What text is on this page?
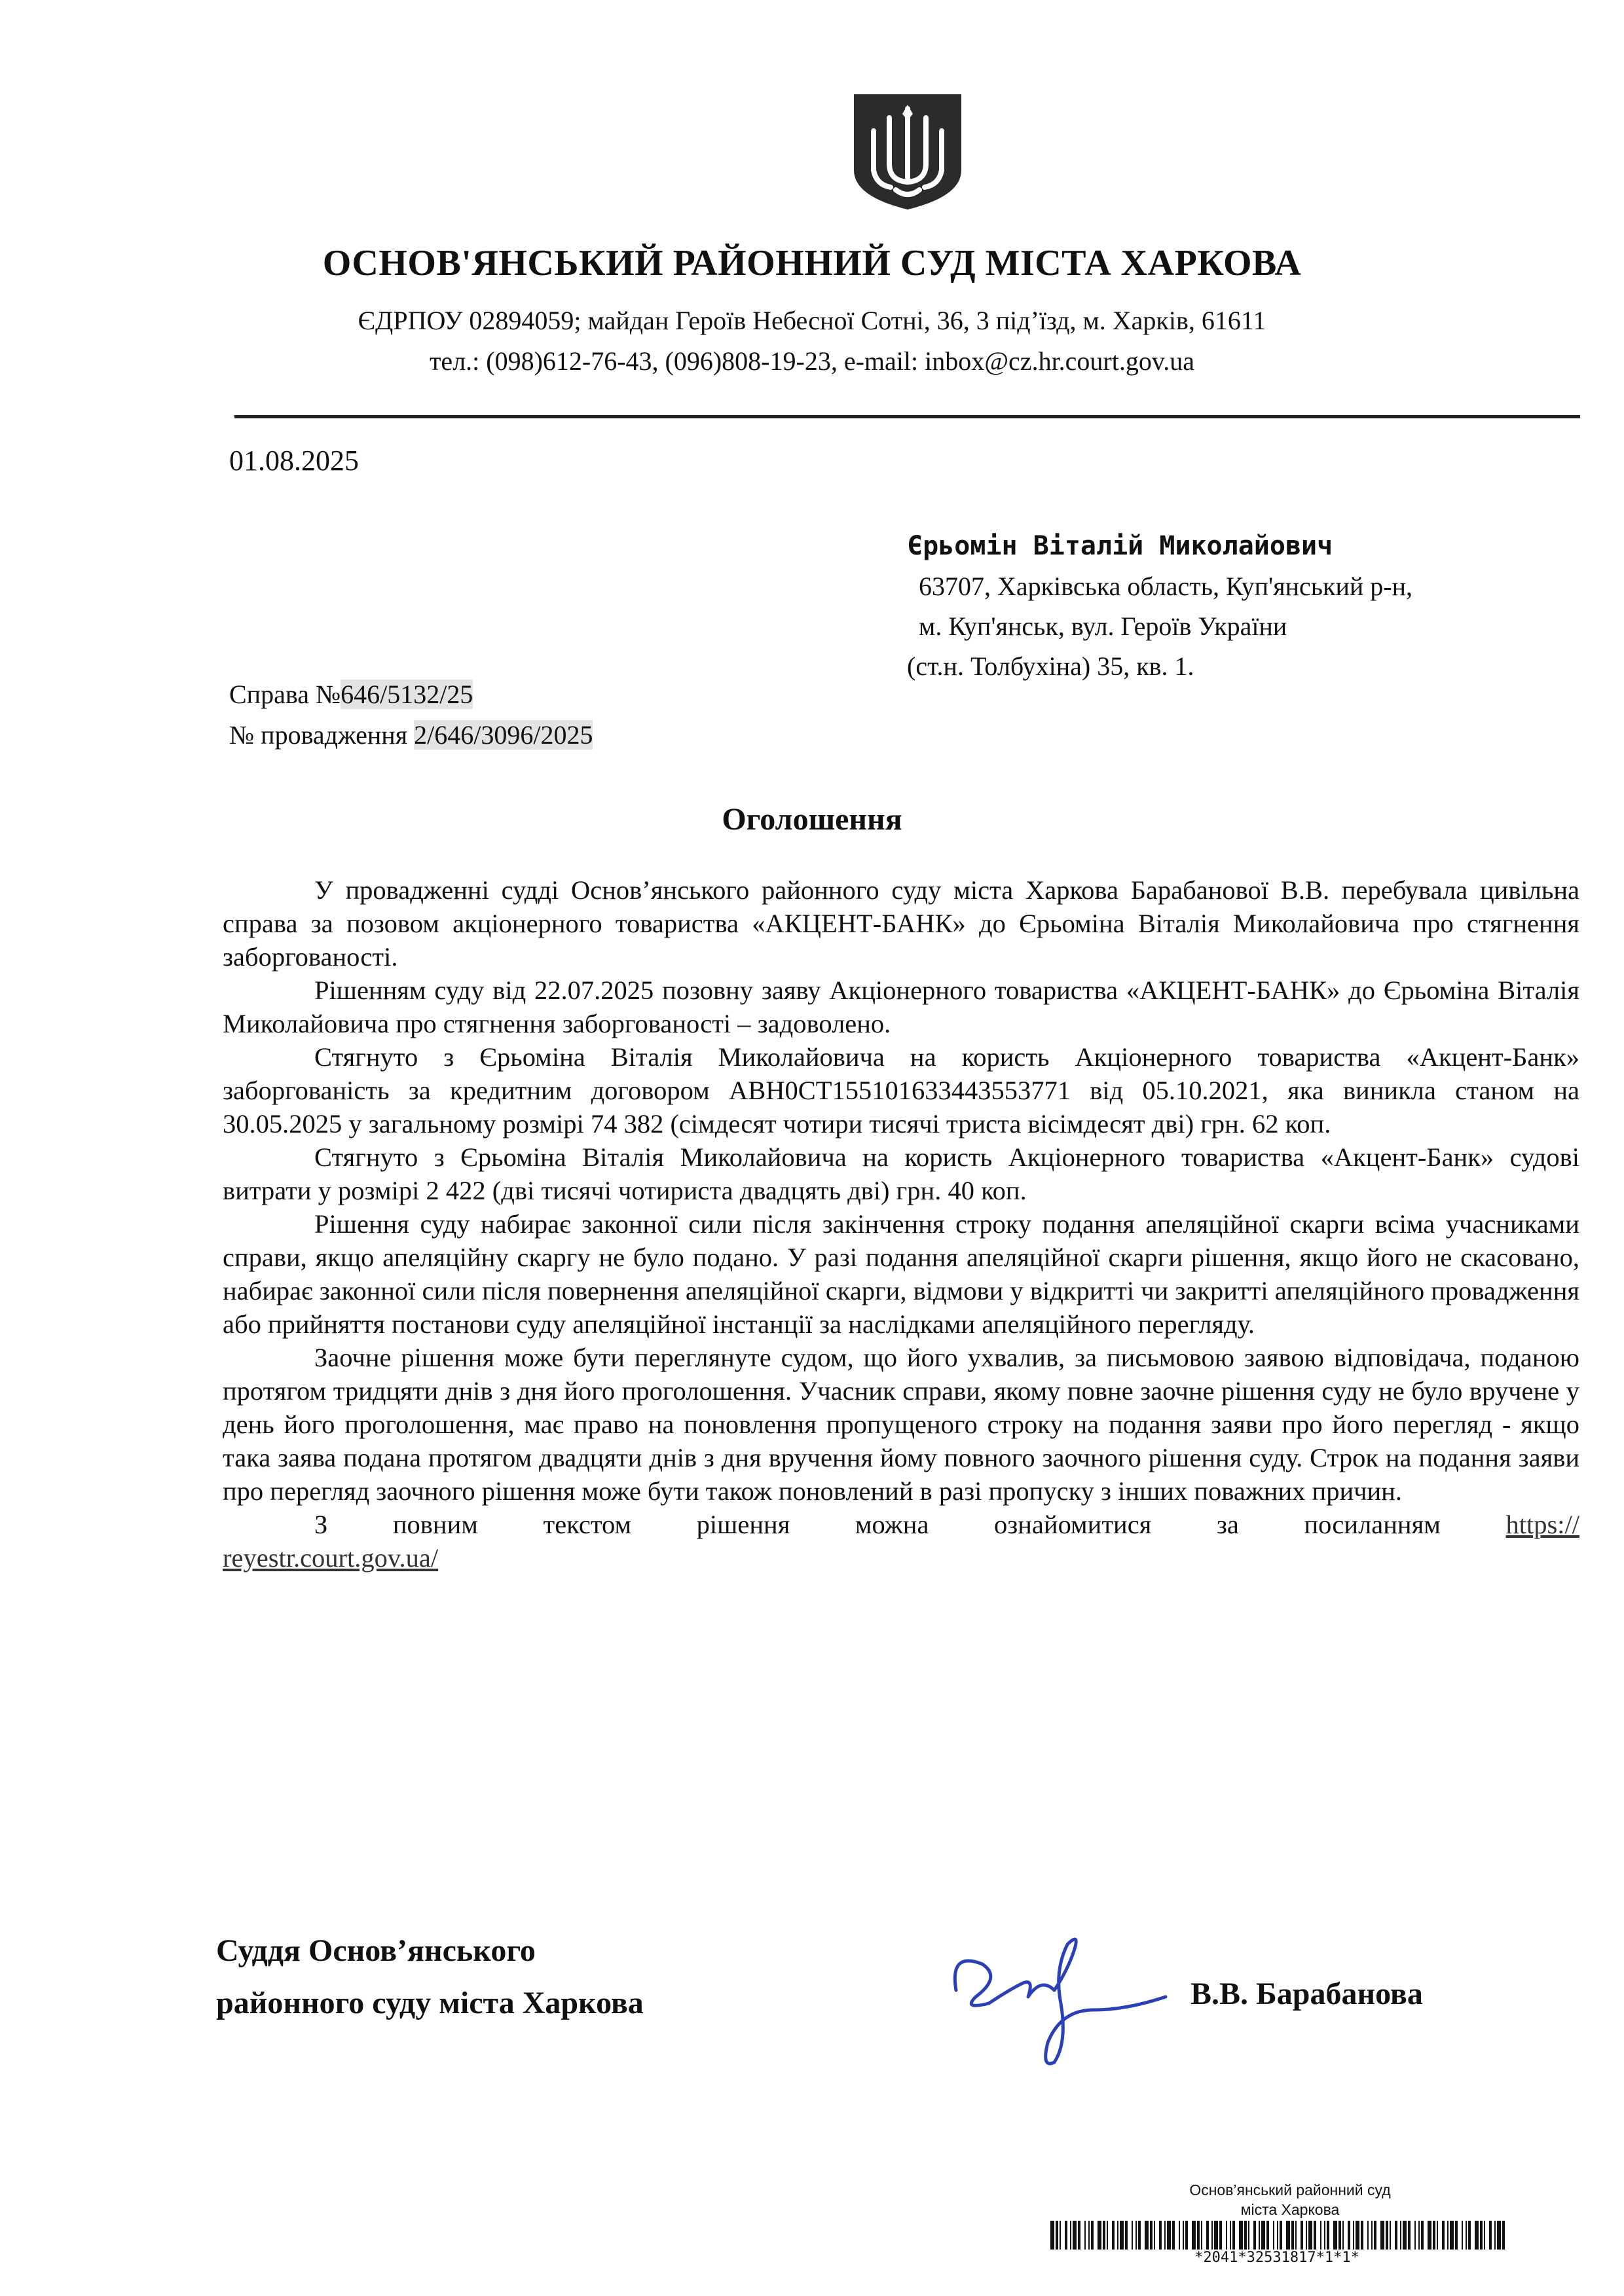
ОСНОВ'ЯНСЬКИЙ РАЙОННИЙ СУД МІСТА ХАРКОВА
ЄДРПОУ 02894059; майдан Героїв Небесної Сотні, 36, 3 під’їзд, м. Харків, 61611
тел.: (098)612-76-43, (096)808-19-23, e-mail: inbox@cz.hr.court.gov.ua
01.08.2025
Єрьомін Віталій Миколайович
63707, Харківська область, Куп'янський р-н,
м. Куп'янськ, вул. Героїв України
(ст.н. Толбухіна) 35, кв. 1.
Справа №646/5132/25
№ провадження 2/646/3096/2025
Оголошення

У провадженні судді Основ’янського районного суду міста Харкова Барабанової В.В. перебувала цивільна справа за позовом акціонерного товариства «АКЦЕНТ-БАНК» до Єрьоміна Віталія Миколайовича про стягнення заборгованості.

Рішенням суду від 22.07.2025 позовну заяву Акціонерного товариства «АКЦЕНТ-БАНК» до Єрьоміна Віталія Миколайовича про стягнення заборгованості – задоволено.

Стягнуто з Єрьоміна Віталія Миколайовича на користь Акціонерного товариства «Акцент-Банк» заборгованість за кредитним договором АВН0СТ155101633443553771 від 05.10.2021, яка виникла станом на 30.05.2025 у загальному розмірі 74 382 (сімдесят чотири тисячі триста вісімдесят дві) грн. 62 коп.

Стягнуто з Єрьоміна Віталія Миколайовича на користь Акціонерного товариства «Акцент-Банк» судові витрати у розмірі 2 422 (дві тисячі чотириста двадцять дві) грн. 40 коп.

Рішення суду набирає законної сили після закінчення строку подання апеляційної скарги всіма учасниками справи, якщо апеляційну скаргу не було подано. У разі подання апеляційної скарги рішення, якщо його не скасовано, набирає законної сили після повернення апеляційної скарги, відмови у відкритті чи закритті апеляційного провадження або прийняття постанови суду апеляційної інстанції за наслідками апеляційного перегляду.

Заочне рішення може бути переглянуте судом, що його ухвалив, за письмовою заявою відповідача, поданою протягом тридцяти днів з дня його проголошення. Учасник справи, якому повне заочне рішення суду не було вручене у день його проголошення, має право на поновлення пропущеного строку на подання заяви про його перегляд - якщо така заява подана протягом двадцяти днів з дня вручення йому повного заочного рішення суду. Строк на подання заяви про перегляд заочного рішення може бути також поновлений в разі пропуску з інших поважних причин.

З повним текстом рішення можна ознайомитися за посиланням https://

reyestr.court.gov.ua/

Суддя Основ’янського
районного суду міста Харкова	В.В. Барабанова
Основ’янський районний суд
міста Харкова
*2041*32531817*1*1*
